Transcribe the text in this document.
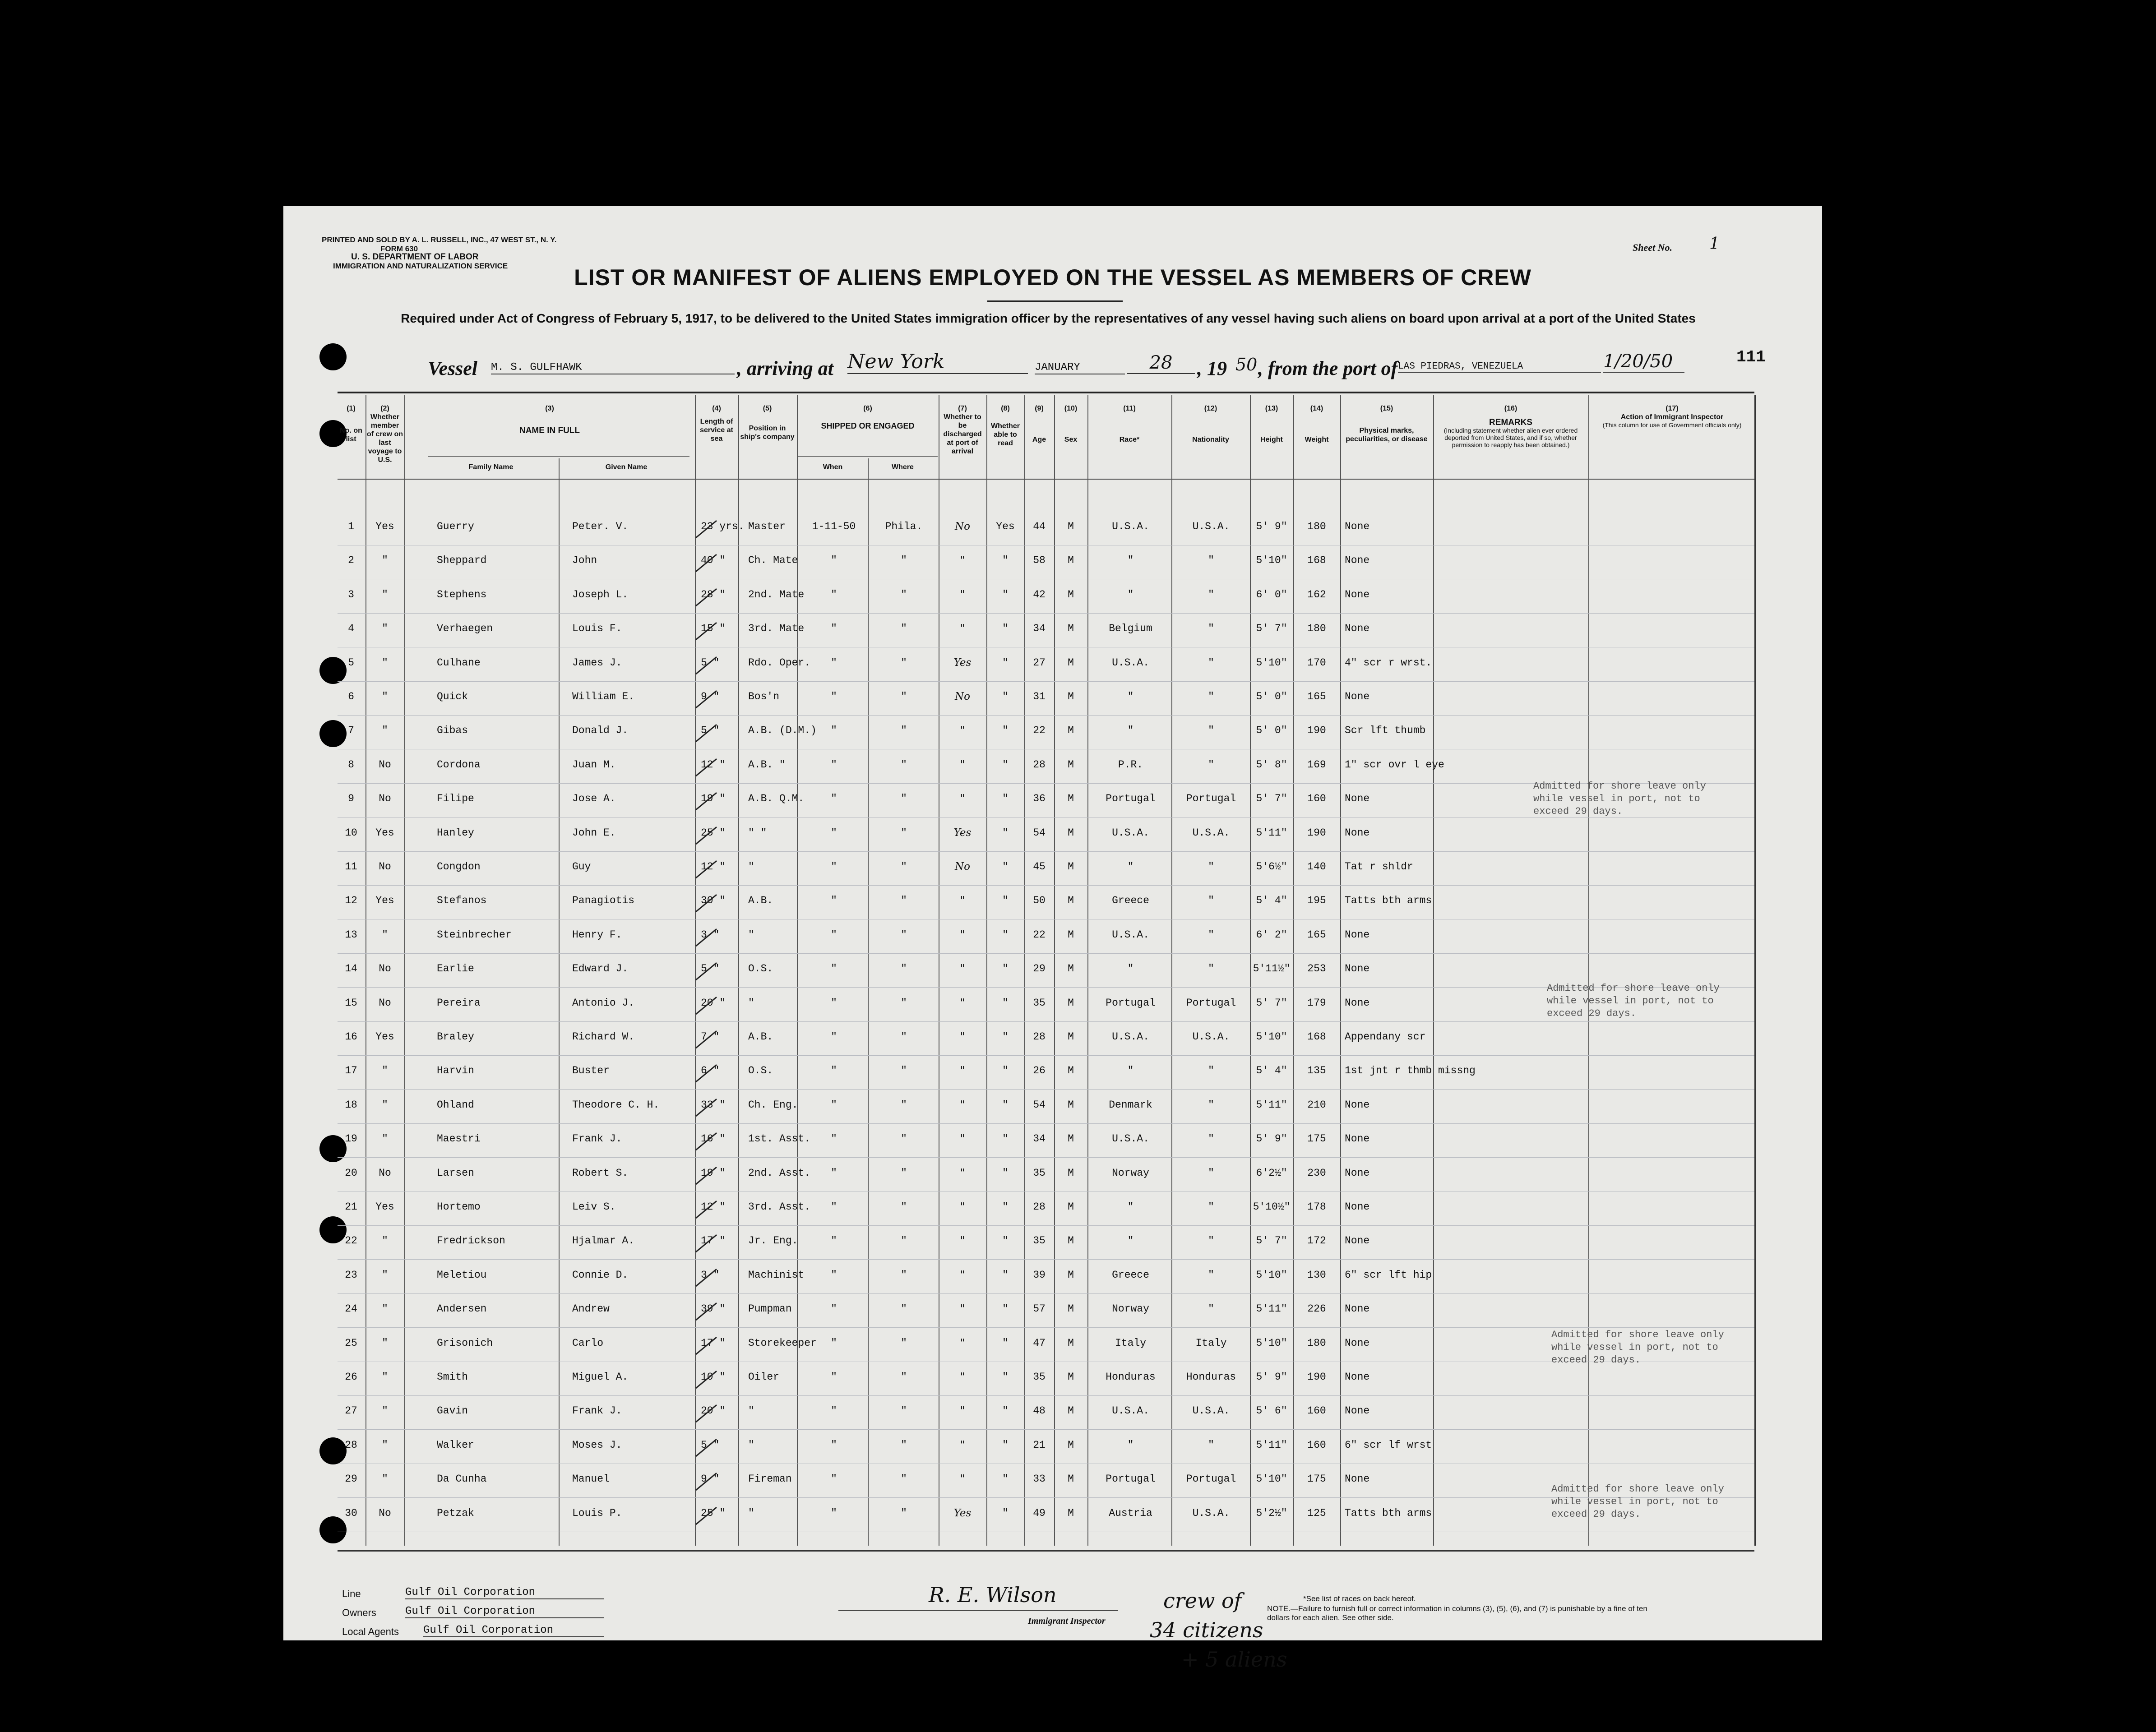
PRINTED AND SOLD BY A. L. RUSSELL, INC., 47 WEST ST., N. Y.
FORM 630
U. S. DEPARTMENT OF LABOR
IMMIGRATION AND NATURALIZATION SERVICE
Sheet No. 1
LIST OR MANIFEST OF ALIENS EMPLOYED ON THE VESSEL AS MEMBERS OF CREW
Required under Act of Congress of February 5, 1917, to be delivered to the United States immigration officer by the representatives of any vessel having such aliens on board upon arrival at a port of the United States
Vessel M. S. GULFHAWK	, arriving at New York	JANUARY	28	, 19 50 , from the port of LAS PIEDRAS, VENEZUELA	1/20/50	111
(1)
No. on list
(2)
Whether member of crew on last voyage to U.S.
(3)
NAME IN FULL
Family Name	Given Name
(4)
Length of service at sea
(5)
Position in ship's company
(6)
SHIPPED OR ENGAGED
When	Where
(7)
Whether to be discharged at port of arrival
(8)
Whether able to read
(9)
Age
(10)
Sex
(11)
Race*
(12)
Nationality
(13)
Height
(14)
Weight
(15)
Physical marks, peculiarities, or disease
(16)
REMARKS
(Including statement whether alien ever ordered deported from United States, and if so, whether permission to reapply has been obtained.)
(17)
Action of Immigrant Inspector
(This column for use of Government officials only)
1	Yes	Guerry	Peter. V.	23 yrs. Master	1-11-50	Phila.	No	Yes	44	M	U.S.A.	U.S.A.	5' 9"	180	None
2	"	Sheppard	John	40 "	Ch. Mate	"	"	"	"	58	M	"	"	5'10"	168	None
3	"	Stephens	Joseph L.	28 "	2nd. Mate	"	"	"	"	42	M	"	"	6' 0"	162	None
4	"	Verhaegen	Louis F.	15 "	3rd. Mate	"	"	"	"	34	M	Belgium	"	5' 7"	180	None
5	"	Culhane	James J.	5 "	Rdo. Oper.	"	"	Yes	"	27	M	U.S.A.	"	5'10"	170	4" scr r wrst.
6	"	Quick	William E.	9 "	Bos'n	"	"	No	"	31	M	"	"	5' 0"	165	None
7	"	Gibas	Donald J.	5 "	A.B. (D.M.)	"	"	"	"	22	M	"	"	5' 0"	190	Scr lft thumb
8	No	Cordona	Juan M.	12 "	A.B. "	"	"	"	"	28	M	P.R.	"	5' 8"	169	1" scr ovr l eye
9	No	Filipe	Jose A.	19 "	A.B. Q.M.	"	"	"	"	36	M	Portugal	Portugal	5' 7"	160	None
10	Yes	Hanley	John E.	25 "	" "	"	"	Yes	"	54	M	U.S.A.	U.S.A.	5'11"	190	None
11	No	Congdon	Guy	12 "	"	"	"	No	"	45	M	"	"	5'6½"	140	Tat r shldr
12	Yes	Stefanos	Panagiotis	30 "	A.B.	"	"	"	"	50	M	Greece	"	5' 4"	195	Tatts bth arms
13	"	Steinbrecher	Henry F.	3 "	"	"	"	"	"	22	M	U.S.A.	"	6' 2"	165	None
14	No	Earlie	Edward J.	5 "	O.S.	"	"	"	"	29	M	"	"	5'11½"	253	None
15	No	Pereira	Antonio J.	20 "	"	"	"	"	"	35	M	Portugal	Portugal	5' 7"	179	None
16	Yes	Braley	Richard W.	7 "	A.B.	"	"	"	"	28	M	U.S.A.	U.S.A.	5'10"	168	Appendany scr
17	"	Harvin	Buster	6 "	O.S.	"	"	"	"	26	M	"	"	5' 4"	135	1st jnt r thmb missng
18	"	Ohland	Theodore C. H.	33 "	Ch. Eng.	"	"	"	"	54	M	Denmark	"	5'11"	210	None
19	"	Maestri	Frank J.	16 "	1st. Asst.	"	"	"	"	34	M	U.S.A.	"	5' 9"	175	None
20	No	Larsen	Robert S.	19 "	2nd. Asst.	"	"	"	"	35	M	Norway	"	6'2½"	230	None
21	Yes	Hortemo	Leiv S.	12 "	3rd. Asst.	"	"	"	"	28	M	"	"	5'10½"	178	None
22	"	Fredrickson	Hjalmar A.	17 "	Jr. Eng.	"	"	"	"	35	M	"	"	5' 7"	172	None
23	"	Meletiou	Connie D.	3 "	Machinist	"	"	"	"	39	M	Greece	"	5'10"	130	6" scr lft hip
24	"	Andersen	Andrew	39 "	Pumpman	"	"	"	"	57	M	Norway	"	5'11"	226	None
25	"	Grisonich	Carlo	17 "	Storekeeper	"	"	"	"	47	M	Italy	Italy	5'10"	180	None
26	"	Smith	Miguel A.	10 "	Oiler	"	"	"	"	35	M	Honduras	Honduras	5' 9"	190	None
27	"	Gavin	Frank J.	20 "	"	"	"	"	"	48	M	U.S.A.	U.S.A.	5' 6"	160	None
28	"	Walker	Moses J.	5 "	"	"	"	"	"	21	M	"	"	5'11"	160	6" scr lf wrst
29	"	Da Cunha	Manuel	9 "	Fireman	"	"	"	"	33	M	Portugal	Portugal	5'10"	175	None
30	No	Petzak	Louis P.	25 "	"	"	"	Yes	"	49	M	Austria	U.S.A.	5'2½"	125	Tatts bth arms
Admitted for shore leave only
while vessel in port, not to
exceed 29 days.
Admitted for shore leave only
while vessel in port, not to
exceed 29 days.
Admitted for shore leave only
while vessel in port, not to
exceed 29 days.
Admitted for shore leave only
while vessel in port, not to
exceed 29 days.
Line	Gulf Oil Corporation
Owners	Gulf Oil Corporation
Local Agents Gulf Oil Corporation
R. E. Wilson
Immigrant Inspector
crew of
34 citizens
+ 5 aliens
*See list of races on back hereof.
NOTE.—Failure to furnish full or correct information in columns (3), (5), (6), and (7) is punishable by a fine of ten dollars for each alien. See other side.
